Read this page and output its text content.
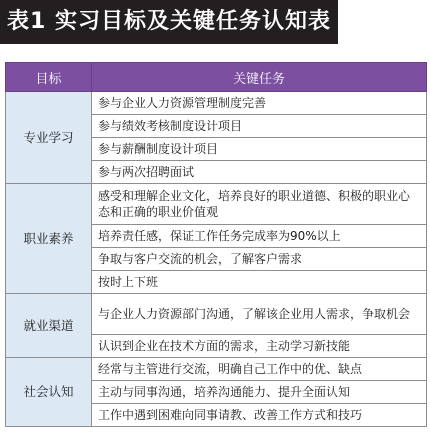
表1 实习目标及关键任务认知表
目标	关键任务
专业学习	参与企业人力资源管理制度完善
	参与绩效考核制度设计项目
	参与薪酬制度设计项目
	参与两次招聘面试
职业素养	感受和理解企业文化，培养良好的职业道德、积极的职业心态和正确的职业价值观
	培养责任感，保证工作任务完成率为90%以上
	争取与客户交流的机会，了解客户需求
	按时上下班
就业渠道	与企业人力资源部门沟通，了解该企业用人需求，争取机会
	认识到企业在技术方面的需求，主动学习新技能
社会认知	经常与主管进行交流，明确自己工作中的优、缺点
	主动与同事沟通，培养沟通能力、提升全面认知
	工作中遇到困难向同事请教、改善工作方式和技巧
